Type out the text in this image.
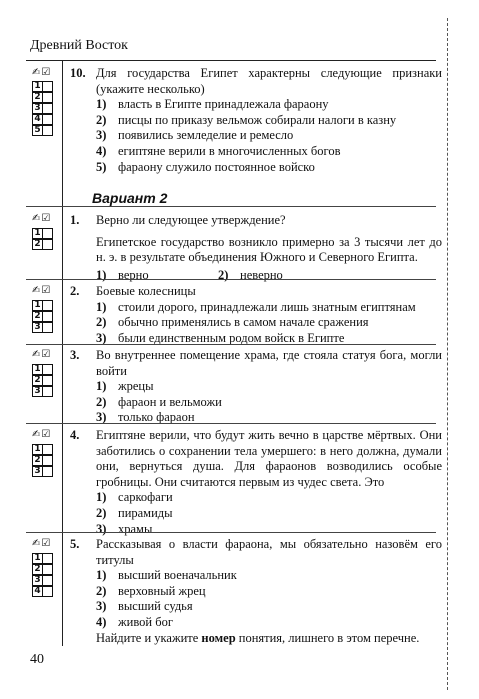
Древний Восток
✍☑
1
2
3
4
5
10. Для государства Египет характерны следующие признаки (укажите несколько)
1) власть в Египте принадлежала фараону
2) писцы по приказу вельмож собирали налоги в казну
3) появились земледелие и ремесло
4) египтяне верили в многочисленных богов
5) фараону служило постоянное войско
Вариант 2
✍☑
1
2
1. Верно ли следующее утверждение?
Египетское государство возникло примерно за 3 тысячи лет до н. э. в результате объединения Южного и Северного Египта.
1) верно	2) неверно
✍☑
1
2
3
2. Боевые колесницы
1) стоили дорого, принадлежали лишь знатным египтянам
2) обычно применялись в самом начале сражения
3) были единственным родом войск в Египте
✍☑
1
2
3
3. Во внутреннее помещение храма, где стояла статуя бога, могли войти
1) жрецы
2) фараон и вельможи
3) только фараон
✍☑
1
2
3
4. Египтяне верили, что будут жить вечно в царстве мёртвых. Они заботились о сохранении тела умершего: в него должна, думали они, вернуться душа. Для фараонов возводились особые гробницы. Они считаются первым из чудес света. Это
1) саркофаги
2) пирамиды
3) храмы
✍☑
1
2
3
4
5. Рассказывая о власти фараона, мы обязательно назовём его титулы
1) высший военачальник
2) верховный жрец
3) высший судья
4) живой бог
Найдите и укажите номер понятия, лишнего в этом перечне.
40
